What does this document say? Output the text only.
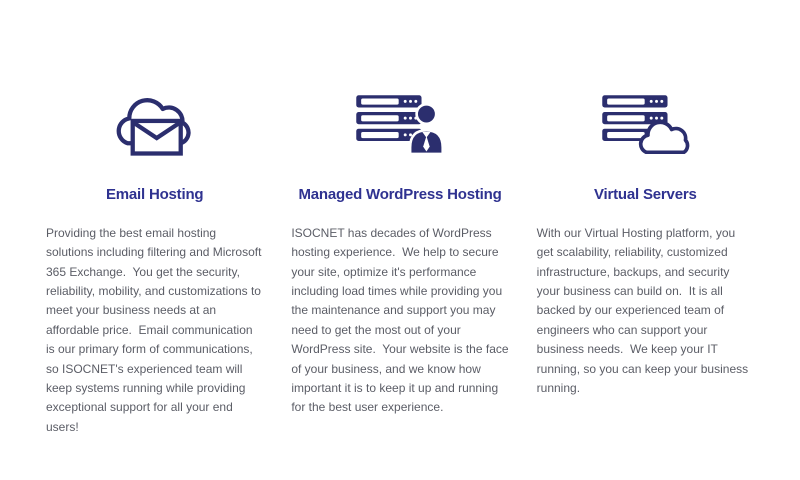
Email Hosting

Providing the best email hosting solutions including filtering and Microsoft 365 Exchange.  You get the security, reliability, mobility, and customizations to meet your business needs at an affordable price.  Email communication is our primary form of communications, so ISOCNET's experienced team will keep systems running while providing exceptional support for all your end users!

Managed WordPress Hosting

ISOCNET has decades of WordPress hosting experience.  We help to secure your site, optimize it's performance including load times while providing you the maintenance and support you may need to get the most out of your WordPress site.  Your website is the face of your business, and we know how important it is to keep it up and running for the best user experience.

Virtual Servers

With our Virtual Hosting platform, you get scalability, reliability, customized infrastructure, backups, and security your business can build on.  It is all backed by our experienced team of engineers who can support your business needs.  We keep your IT running, so you can keep your business running.
